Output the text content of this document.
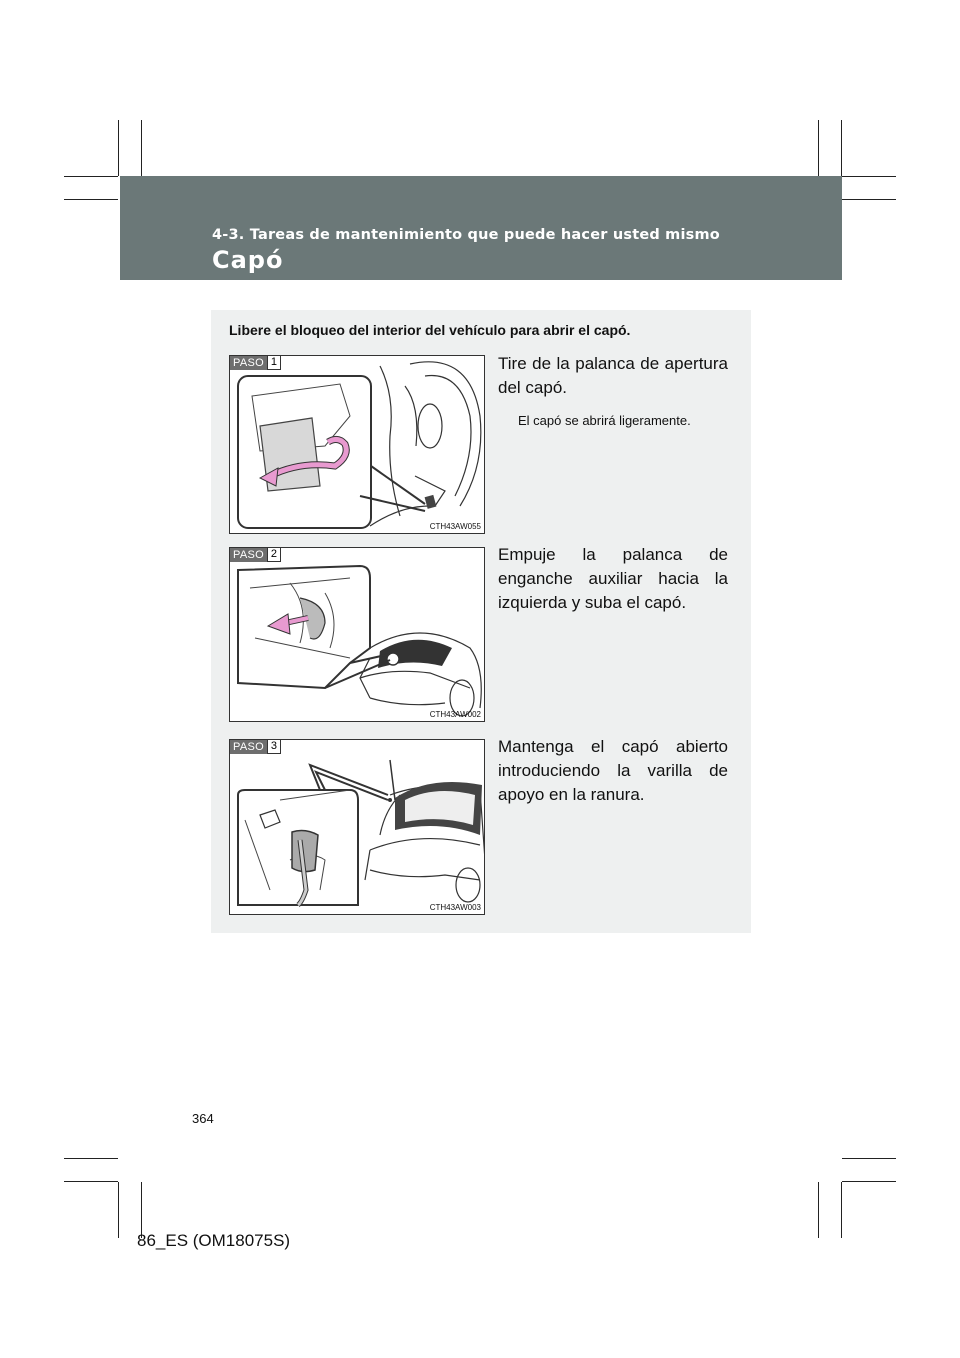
4-3. Tareas de mantenimiento que puede hacer usted mismo
Capó
Libere el bloqueo del interior del vehículo para abrir el capó.
PASO 1
CTH43AW055
Tire de la palanca de apertura del capó.
El capó se abrirá ligeramente.
PASO 2
CTH43AW002
Empuje la palanca de enganche auxiliar hacia la izquierda y suba el capó.
PASO 3
CTH43AW003
Mantenga el capó abierto introduciendo la varilla de apoyo en la ranura.
364
86_ES (OM18075S)
